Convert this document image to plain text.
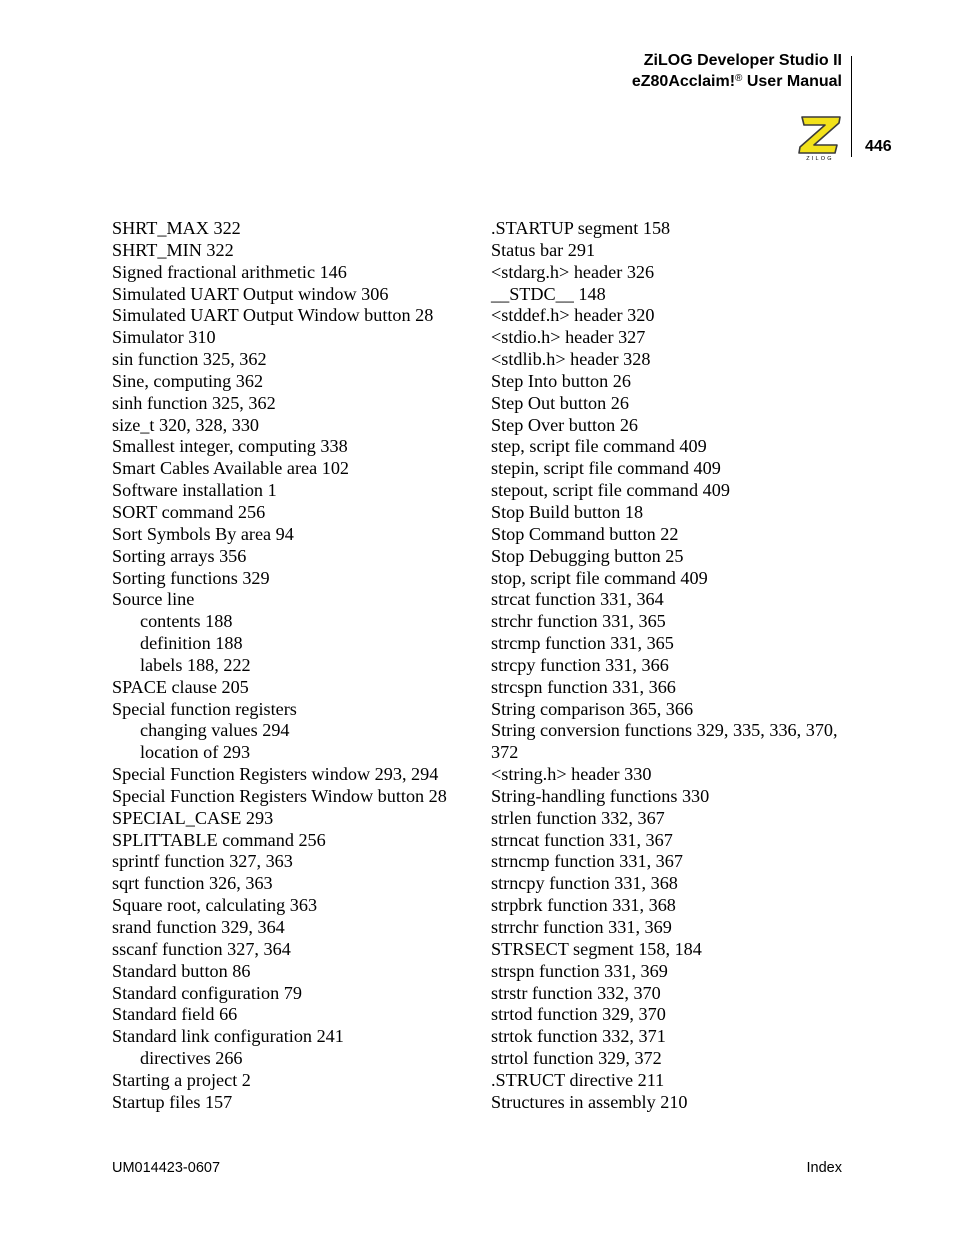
ZiLOG Developer Studio II
eZ80Acclaim!® User Manual
ZILOG
446
SHRT_MAX 322
SHRT_MIN 322
Signed fractional arithmetic 146
Simulated UART Output window 306
Simulated UART Output Window button 28
Simulator 310
sin function 325, 362
Sine, computing 362
sinh function 325, 362
size_t 320, 328, 330
Smallest integer, computing 338
Smart Cables Available area 102
Software installation 1
SORT command 256
Sort Symbols By area 94
Sorting arrays 356
Sorting functions 329
Source line
contents 188
definition 188
labels 188, 222
SPACE clause 205
Special function registers
changing values 294
location of 293
Special Function Registers window 293, 294
Special Function Registers Window button 28
SPECIAL_CASE 293
SPLITTABLE command 256
sprintf function 327, 363
sqrt function 326, 363
Square root, calculating 363
srand function 329, 364
sscanf function 327, 364
Standard button 86
Standard configuration 79
Standard field 66
Standard link configuration 241
directives 266
Starting a project 2
Startup files 157
.STARTUP segment 158
Status bar 291
<stdarg.h> header 326
__STDC__ 148
<stddef.h> header 320
<stdio.h> header 327
<stdlib.h> header 328
Step Into button 26
Step Out button 26
Step Over button 26
step, script file command 409
stepin, script file command 409
stepout, script file command 409
Stop Build button 18
Stop Command button 22
Stop Debugging button 25
stop, script file command 409
strcat function 331, 364
strchr function 331, 365
strcmp function 331, 365
strcpy function 331, 366
strcspn function 331, 366
String comparison 365, 366
String conversion functions 329, 335, 336, 370, 372
<string.h> header 330
String-handling functions 330
strlen function 332, 367
strncat function 331, 367
strncmp function 331, 367
strncpy function 331, 368
strpbrk function 331, 368
strrchr function 331, 369
STRSECT segment 158, 184
strspn function 331, 369
strstr function 332, 370
strtod function 329, 370
strtok function 332, 371
strtol function 329, 372
.STRUCT directive 211
Structures in assembly 210
UM014423-0607	Index
